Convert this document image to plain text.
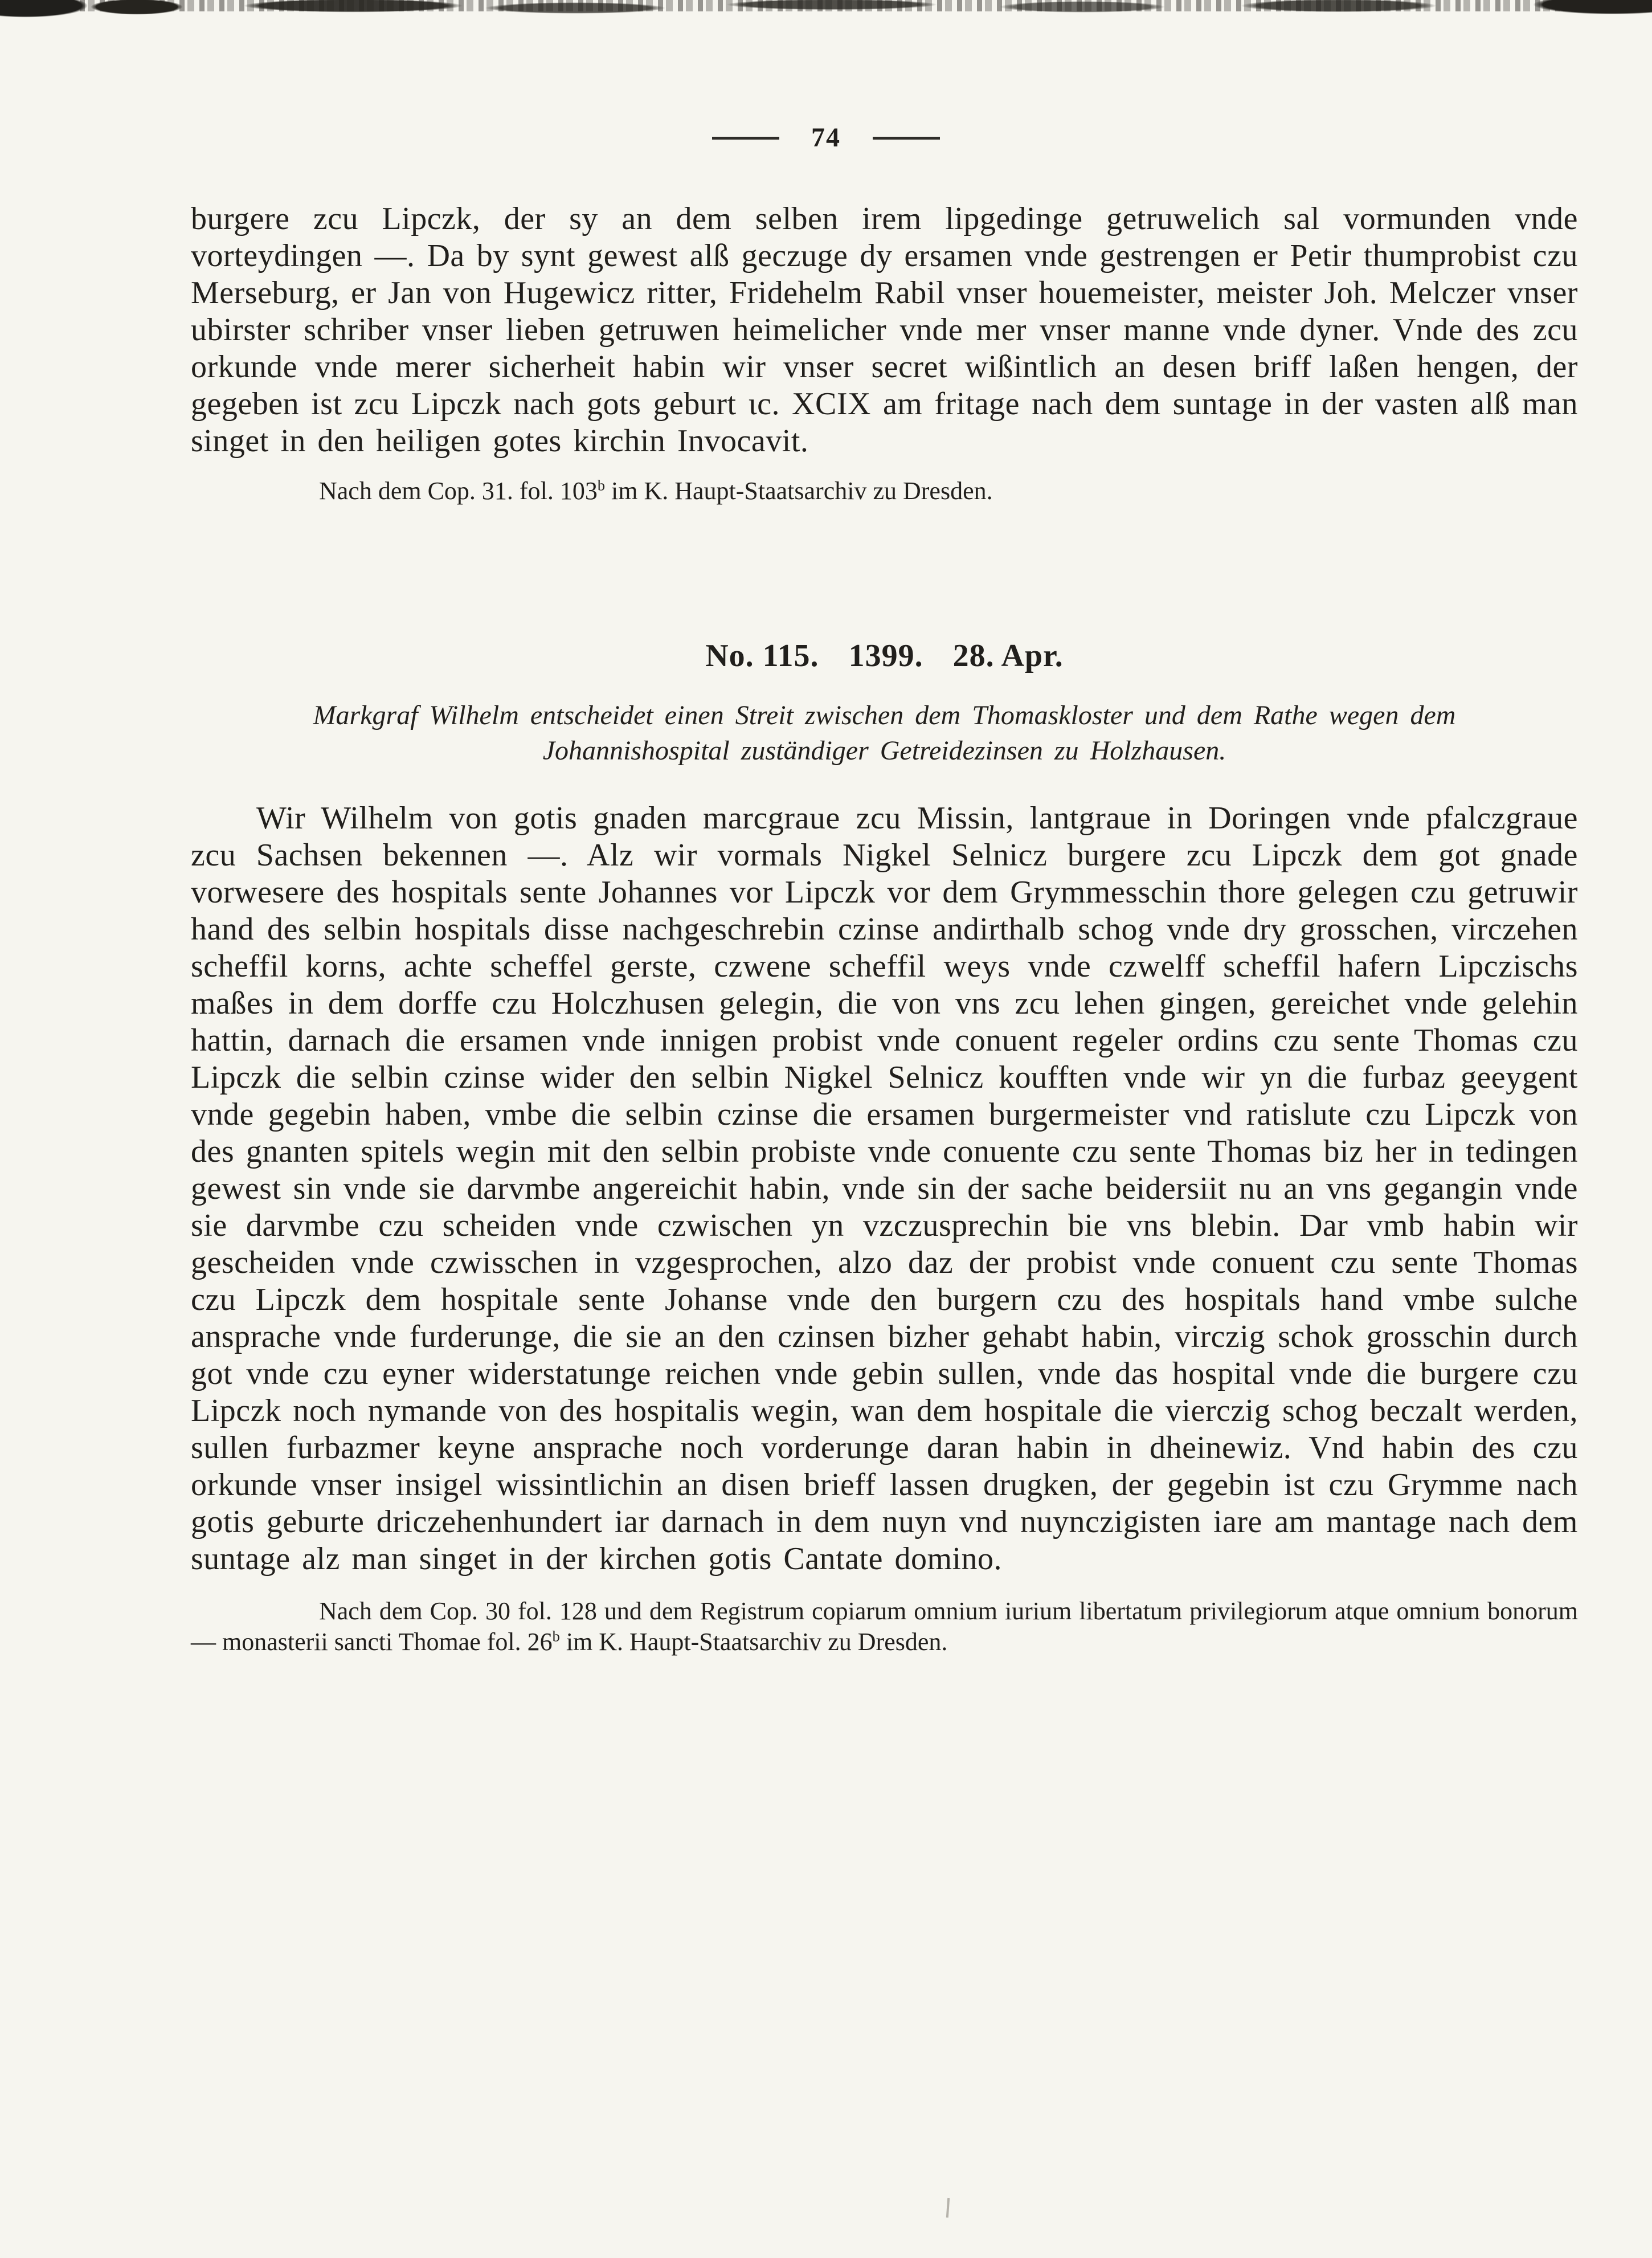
74

burgere zcu Lipczk, der sy an dem selben irem lipgedinge getruwelich sal vormunden vnde vorteydingen —. Da by synt gewest alß geczuge dy ersamen vnde gestrengen er Petir thumprobist czu Merseburg, er Jan von Hugewicz ritter, Fridehelm Rabil vnser houemeister, meister Joh. Melczer vnser ubirster schriber vnser lieben getruwen heimelicher vnde mer vnser manne vnde dyner. Vnde des zcu orkunde vnde merer sicherheit habin wir vnser secret wißintlich an desen briff laßen hengen, der gegeben ist zcu Lipczk nach gots geburt ɩc. XCIX am fritage nach dem suntage in der vasten alß man singet in den heiligen gotes kirchin Invocavit.

Nach dem Cop. 31. fol. 103$^b$ im K. Haupt-Staatsarchiv zu Dresden.

No. 115. 1399. 28. Apr.

Markgraf Wilhelm entscheidet einen Streit zwischen dem Thomaskloster und dem Rathe wegen dem Johannishospital zuständiger Getreidezinsen zu Holzhausen.

Wir Wilhelm von gotis gnaden marcgraue zcu Missin, lantgraue in Doringen vnde pfalczgraue zcu Sachsen bekennen —. Alz wir vormals Nigkel Selnicz burgere zcu Lipczk dem got gnade vorwesere des hospitals sente Johannes vor Lipczk vor dem Grymmesschin thore gelegen czu getruwir hand des selbin hospitals disse nachgeschrebin czinse andirthalb schog vnde dry grosschen, virczehen scheffil korns, achte scheffel gerste, czwene scheffil weys vnde czwelff scheffil hafern Lipczischs maßes in dem dorffe czu Holczhusen gelegin, die von vns zcu lehen gingen, gereichet vnde gelehin hattin, darnach die ersamen vnde innigen probist vnde conuent regeler ordins czu sente Thomas czu Lipczk die selbin czinse wider den selbin Nigkel Selnicz koufften vnde wir yn die furbaz geeygent vnde gegebin haben, vmbe die selbin czinse die ersamen burgermeister vnd ratislute czu Lipczk von des gnanten spitels wegin mit den selbin probiste vnde conuente czu sente Thomas biz her in tedingen gewest sin vnde sie darvmbe angereichit habin, vnde sin der sache beidersiit nu an vns gegangin vnde sie darvmbe czu scheiden vnde czwischen yn vzczusprechin bie vns blebin. Dar vmb habin wir gescheiden vnde czwisschen in vzgesprochen, alzo daz der probist vnde conuent czu sente Thomas czu Lipczk dem hospitale sente Johanse vnde den burgern czu des hospitals hand vmbe sulche ansprache vnde furderunge, die sie an den czinsen bizher gehabt habin, virczig schok grosschin durch got vnde czu eyner widerstatunge reichen vnde gebin sullen, vnde das hospital vnde die burgere czu Lipczk noch nymande von des hospitalis wegin, wan dem hospitale die vierczig schog beczalt werden, sullen furbazmer keyne ansprache noch vorderunge daran habin in dheinewiz. Vnd habin des czu orkunde vnser insigel wissintlichin an disen brieff lassen drugken, der gegebin ist czu Grymme nach gotis geburte driczehenhundert iar darnach in dem nuyn vnd nuynczigisten iare am mantage nach dem suntage alz man singet in der kirchen gotis Cantate domino.

Nach dem Cop. 30 fol. 128 und dem Registrum copiarum omnium iurium libertatum privilegiorum atque omnium bonorum — monasterii sancti Thomae fol. 26$^b$ im K. Haupt-Staatsarchiv zu Dresden.
